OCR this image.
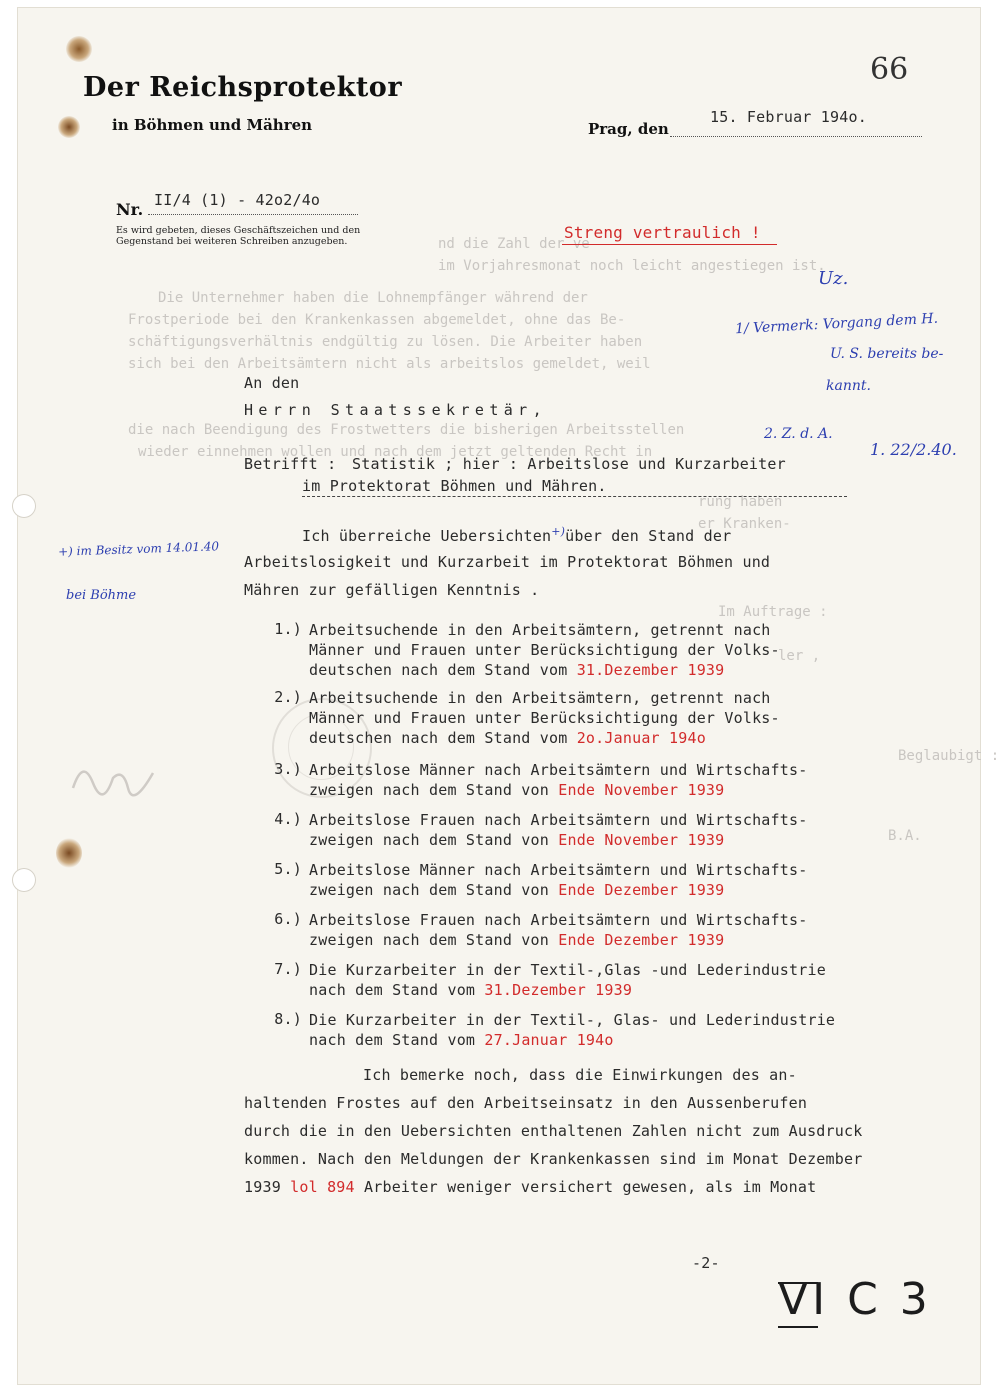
nd die Zahl der ve
im Vorjahresmonat noch leicht angestiegen ist.
Die Unternehmer haben die Lohnempfänger während der
Frostperiode bei den Krankenkassen abgemeldet, ohne das Be-
schäftigungsverhältnis endgültig zu lösen. Die Arbeiter haben
sich bei den Arbeitsämtern nicht als arbeitslos gemeldet, weil
die nach Beendigung des Frostwetters die bisherigen Arbeitsstellen
wieder einnehmen wollen und nach dem jetzt geltenden Recht in
rung haben
er Kranken-
Im Auftrage :
ler ,
Beglaubigt :
B.A.
Der Reichsprotektor
in Böhmen und Mähren
66
Prag, den
15. Februar 194o.
Nr. II/4 (1) - 42o2/4o
Es wird gebeten, dieses Geschäftszeichen und den
Gegenstand bei weiteren Schreiben anzugeben.	Streng vertraulich !
An den
Herrn Staatssekretär,
Betrifft : Statistik ; hier : Arbeitslose und Kurzarbeiter
im Protektorat Böhmen und Mähren.
Ich überreiche Uebersichten+)über den Stand der
Arbeitslosigkeit und Kurzarbeit im Protektorat Böhmen und
Mähren zur gefälligen Kenntnis .
1.) Arbeitsuchende in den Arbeitsämtern, getrennt nach
Männer und Frauen unter Berücksichtigung der Volks-
deutschen nach dem Stand vom 31.Dezember 1939
2.) Arbeitsuchende in den Arbeitsämtern, getrennt nach
Männer und Frauen unter Berücksichtigung der Volks-
deutschen nach dem Stand vom 2o.Januar 194o
3.) Arbeitslose Männer nach Arbeitsämtern und Wirtschafts-
zweigen nach dem Stand von Ende November 1939
4.) Arbeitslose Frauen nach Arbeitsämtern und Wirtschafts-
zweigen nach dem Stand von Ende November 1939
5.) Arbeitslose Männer nach Arbeitsämtern und Wirtschafts-
zweigen nach dem Stand von Ende Dezember 1939
6.) Arbeitslose Frauen nach Arbeitsämtern und Wirtschafts-
zweigen nach dem Stand von Ende Dezember 1939
7.) Die Kurzarbeiter in der Textil-,Glas -und Lederindustrie
nach dem Stand vom 31.Dezember 1939
8.) Die Kurzarbeiter in der Textil-, Glas- und Lederindustrie
nach dem Stand vom 27.Januar 194o
Ich bemerke noch, dass die Einwirkungen des an-
haltenden Frostes auf den Arbeitseinsatz in den Aussenberufen
durch die in den Uebersichten enthaltenen Zahlen nicht zum Ausdruck
kommen. Nach den Meldungen der Krankenkassen sind im Monat Dezember
1939 lol 894 Arbeiter weniger versichert gewesen, als im Monat
-2-
Uz.
1/ Vermerk: Vorgang dem H.
U. S. bereits be-
kannt.
2. Z. d. A.
1. 22/2.40.
+) im Besitz vom 14.01.40
bei Böhme
VI C 3
